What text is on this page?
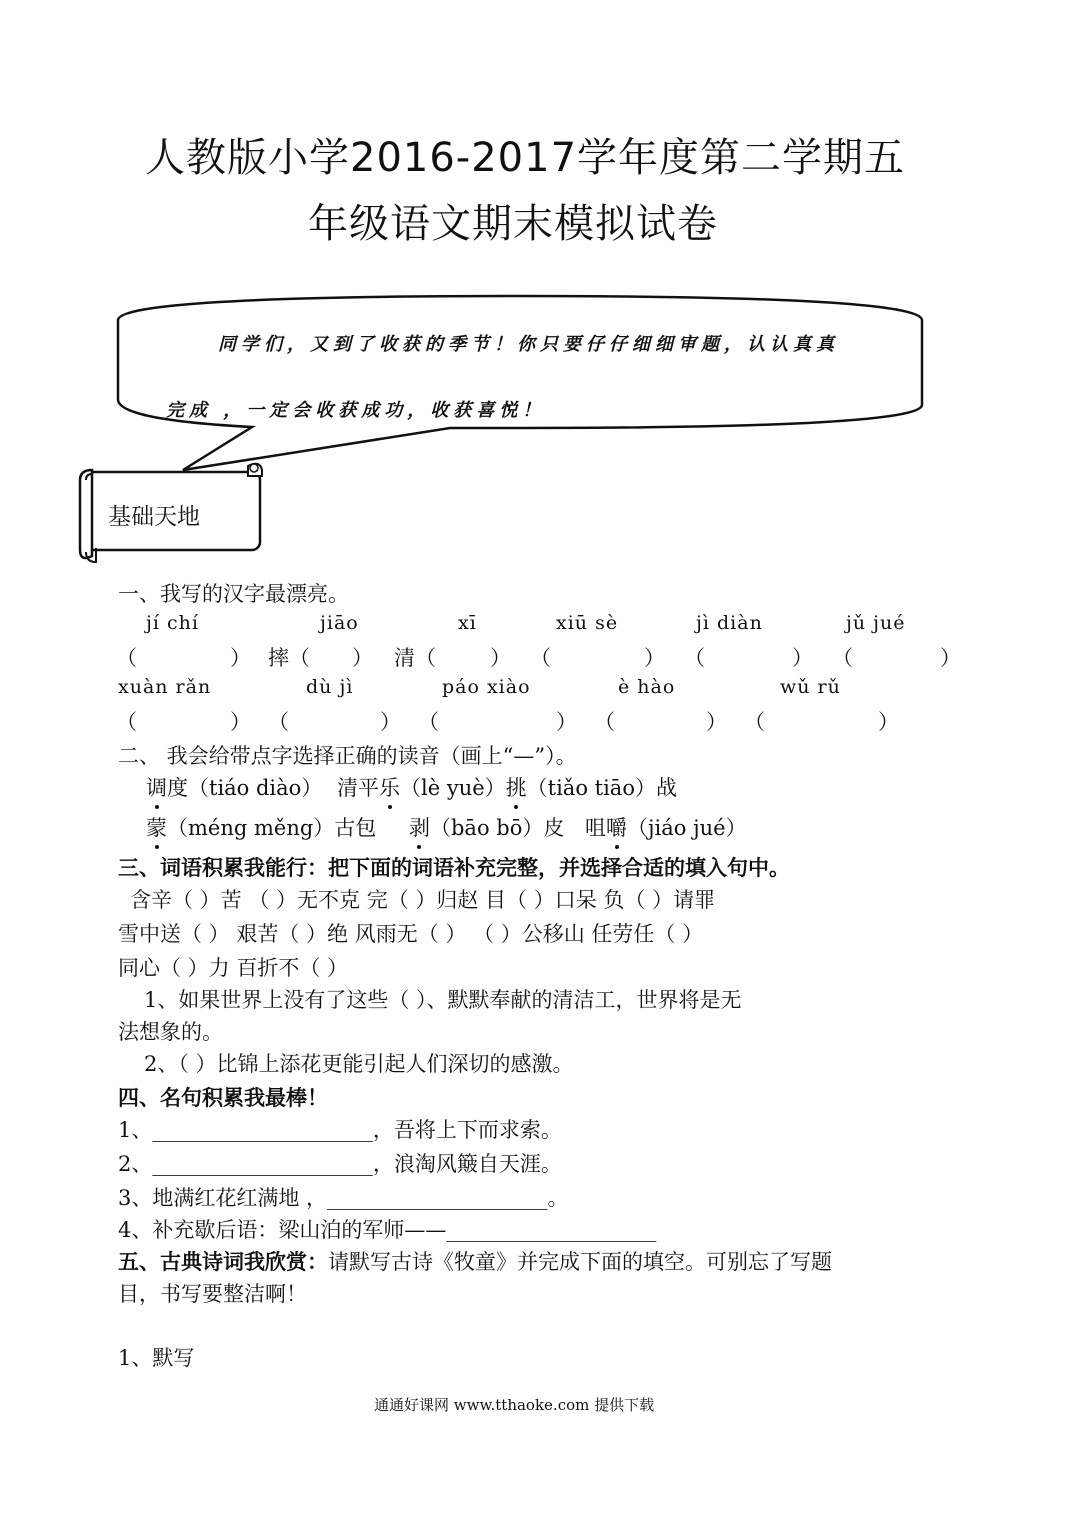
人教版小学2016-2017学年度第二学期五
年级语文期末模拟试卷
同学们，又到了收获的季节！你只要仔仔细细审题，认认真真
完成 ，一定会收获成功，收获喜悦！
基础天地
一、我写的汉字最漂亮。
jí chí	jiāo	xī	xiū sè	jì diàn	jǔ jué
（	） 摔（ ） 清（	） （	） （	） （	）
xuàn rǎn	dù jì	páo xiào	è hào	wǔ rǔ
（	） （	） （	） （	） （	）
二、 我会给带点字选择正确的读音（画上“—”）。
调度（tiáo diào） 清平乐（lè yuè）挑（tiǎo tiāo）战
蒙（méng měng）古包 剥（bāo bō）皮 咀嚼（jiáo jué）
三、词语积累我能行：把下面的词语补充完整，并选择合适的填入句中。
含辛（ ）苦 （ ）无不克 完（ ）归赵 目（ ）口呆 负（ ）请罪
雪中送（ ） 艰苦（ ）绝 风雨无（ ） （ ）公移山 任劳任（ ）
同心（ ）力 百折不（ ）
1、如果世界上没有了这些（ ）、默默奉献的清洁工，世界将是无
法想象的。
2、（ ）比锦上添花更能引起人们深切的感激。
四、名句积累我最棒！
1、_____________________，吾将上下而求索。
2、_____________________，浪淘风簸自天涯。
3、地满红花红满地 ，_____________________。
4、补充歇后语：梁山泊的军师——____________________
五、古典诗词我欣赏：请默写古诗《牧童》并完成下面的填空。可别忘了写题
目，书写要整洁啊！
1、默写
通通好课网 www.tthaoke.com 提供下载
